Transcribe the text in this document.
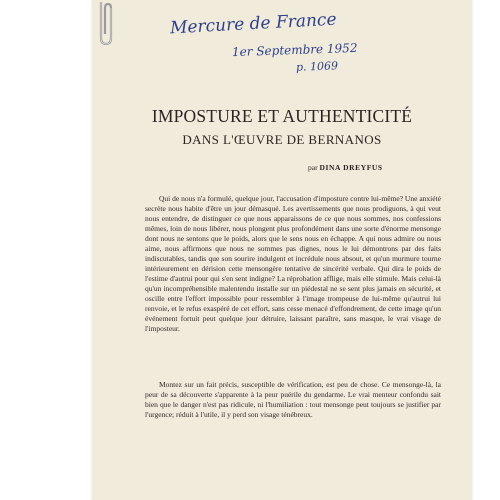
Mercure de France
1er Septembre 1952
p. 1069
IMPOSTURE ET AUTHENTICITÉ
DANS L'ŒUVRE DE BERNANOS
par DINA DREYFUS
Qui de nous n'a formulé, quelque jour, l'accusation d'imposture contre lui-même? Une anxiété secrète nous habite d'être un jour démasqué. Les avertissements que nous prodiguons, à qui veut nous entendre, de distinguer ce que nous apparaissons de ce que nous sommes, nos confessions mêmes, loin de nous libérer, nous plongent plus profondément dans une sorte d'énorme mensonge dont nous ne sentons que le poids, alors que le sens nous en échappe. A qui nous admire ou nous aime, nous affirmons que nous ne sommes pas dignes, nous le lui démontrons par des faits indiscutables, tandis que son sourire indulgent et incrédule nous absout, et qu'un murmure tourne intérieurement en dérision cette mensongère tentative de sincérité verbale. Qui dira le poids de l'estime d'autrui pour qui s'en sent indigne? La réprobation afflige, mais elle stimule. Mais celui-là qu'un incompréhensible malentendu installe sur un piédestal ne se sent plus jamais en sécurité, et oscille entre l'effort impossible pour ressembler à l'image trompeuse de lui-même qu'autrui lui renvoie, et le refus exaspéré de cet effort, sans cesse menacé d'effondrement, de cette image qu'un événement fortuit peut quelque jour détruire, laissant paraître, sans masque, le vrai visage de l'imposteur.
Montez sur un fait précis, susceptible de vérification, est peu de chose. Ce mensonge-là, la peur de sa découverte s'apparente à la peur puérile du gendarme. Le vrai menteur confondu sait bien que le danger n'est pas ridicule, ni l'humiliation : tout mensonge peut toujours se justifier par l'urgence; réduit à l'utile, il y perd son visage ténébreux.
